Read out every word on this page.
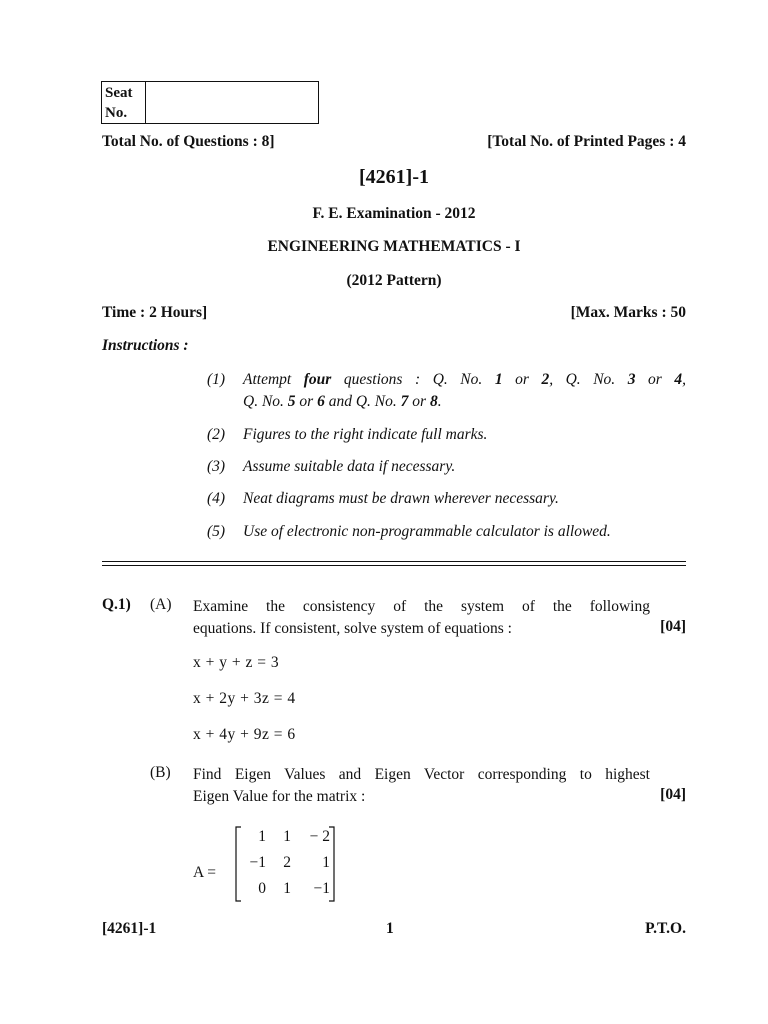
Seat
No.
Total No. of Questions : 8]	[Total No. of Printed Pages : 4
[4261]-1
F. E. Examination - 2012
ENGINEERING MATHEMATICS - I
(2012 Pattern)
Time : 2 Hours]	[Max. Marks : 50
Instructions :
(1) Attempt four questions : Q. No. 1 or 2, Q. No. 3 or 4,
Q. No. 5 or 6 and Q. No. 7 or 8.
(2) Figures to the right indicate full marks.
(3) Assume suitable data if necessary.
(4) Neat diagrams must be drawn wherever necessary.
(5) Use of electronic non-programmable calculator is allowed.
Q.1) (A) Examine the consistency of the system of the following
equations. If consistent, solve system of equations :	[04]
x + y + z = 3
x + 2y + 3z = 4
x + 4y + 9z = 6
(B) Find Eigen Values and Eigen Vector corresponding to highest
Eigen Value for the matrix :	[04]
A =
1	1	− 2
−1	2	1
0	1	−1
[4261]-1	1	P.T.O.
